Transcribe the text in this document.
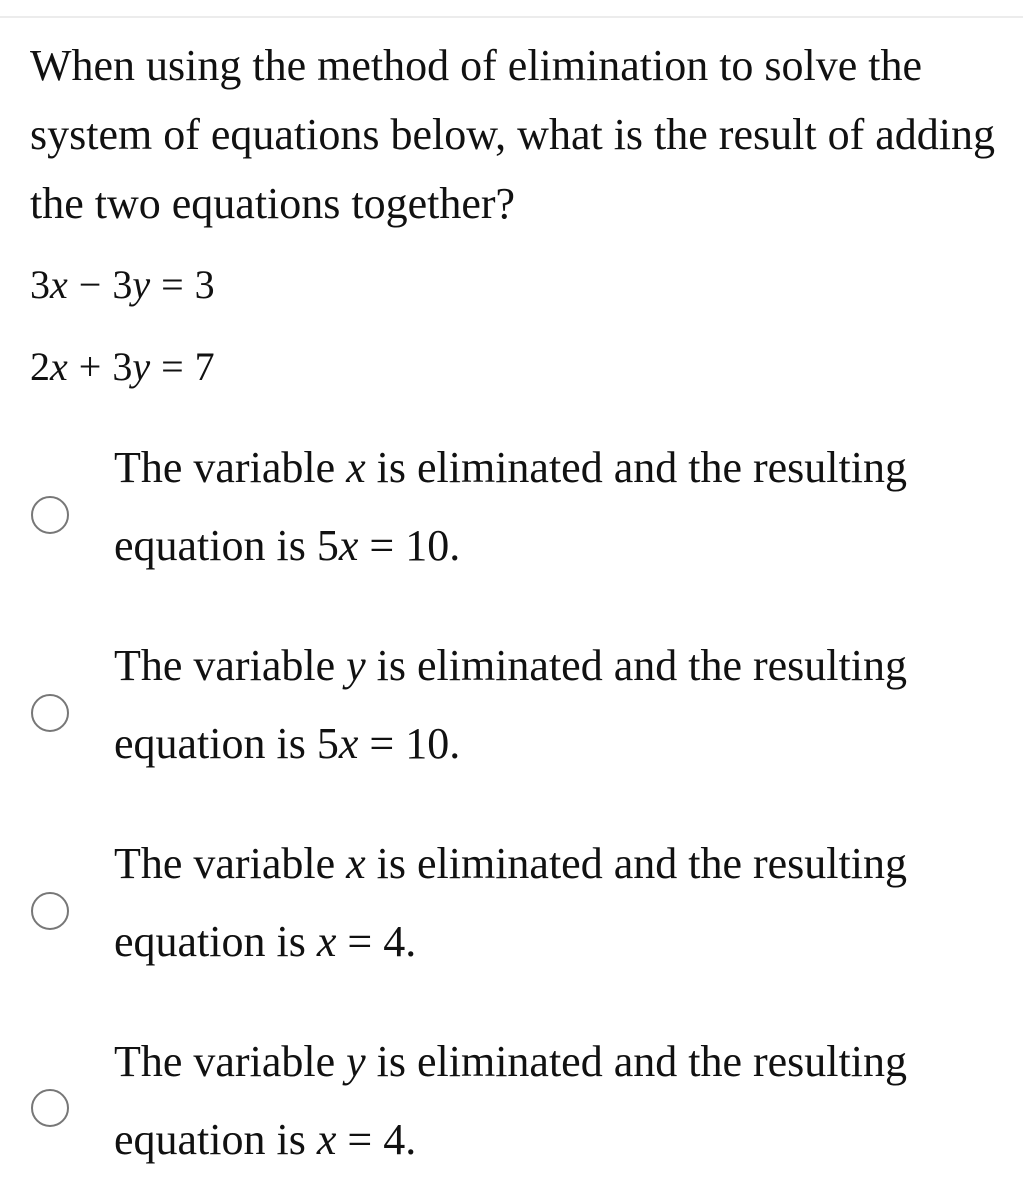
When using the method of elimination to solve the system of equations below, what is the result of adding the two equations together?
3x − 3y = 3
2x + 3y = 7
The variable x is eliminated and the resulting
equation is 5x = 10.
The variable y is eliminated and the resulting
equation is 5x = 10.
The variable x is eliminated and the resulting
equation is x = 4.
The variable y is eliminated and the resulting
equation is x = 4.
